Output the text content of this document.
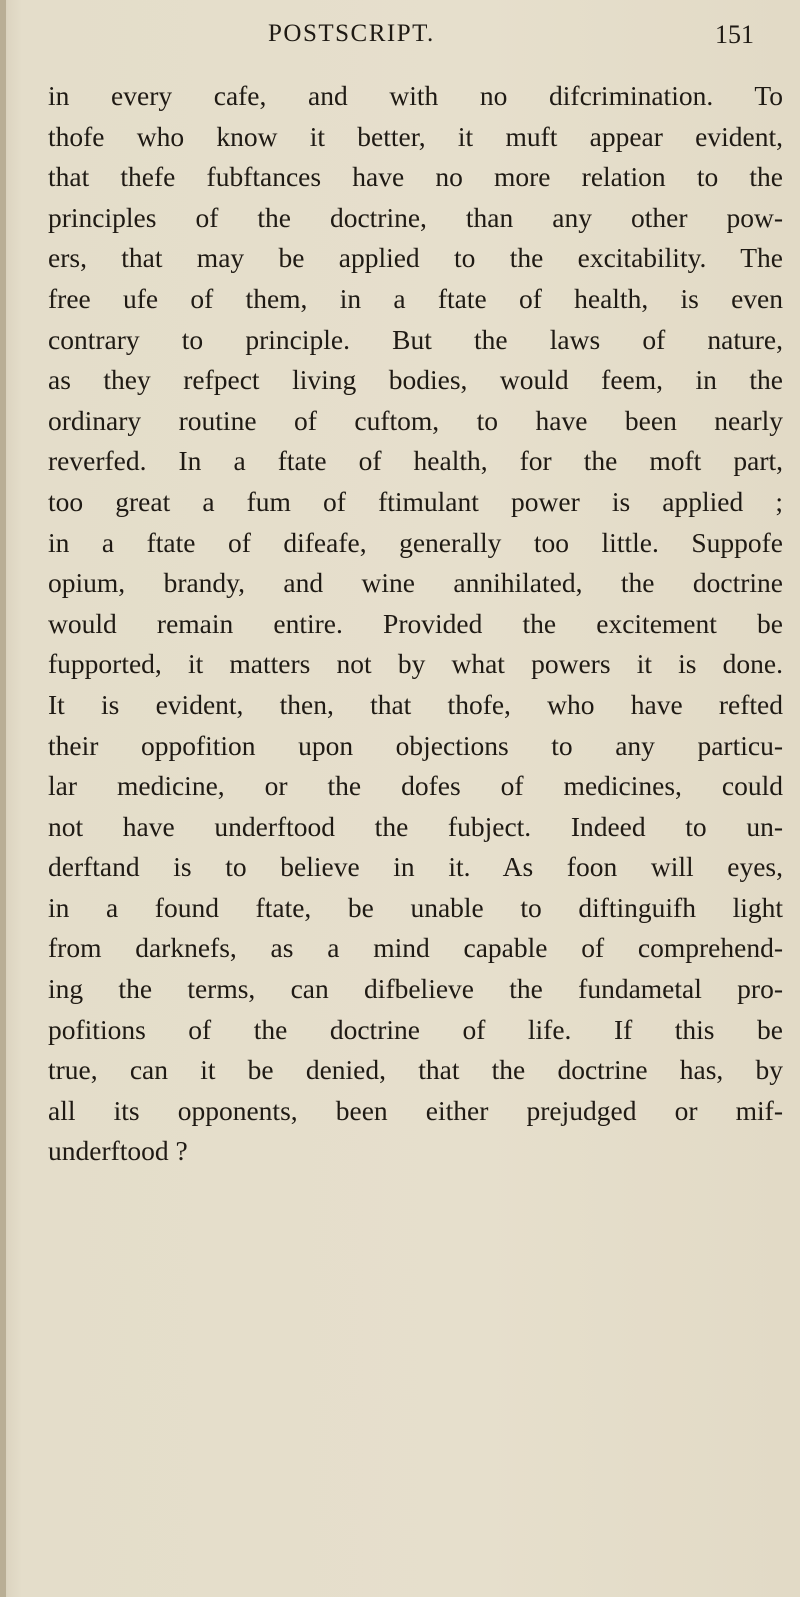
POSTSCRIPT.	151
in every cafe, and with no difcrimination. To
thofe who know it better, it muft appear evident,
that thefe fubftances have no more relation to the
principles of the doctrine, than any other pow-
ers, that may be applied to the excitability. The
free ufe of them, in a ftate of health, is even
contrary to principle. But the laws of nature,
as they refpect living bodies, would feem, in the
ordinary routine of cuftom, to have been nearly
reverfed. In a ftate of health, for the moft part,
too great a fum of ftimulant power is applied ;
in a ftate of difeafe, generally too little. Suppofe
opium, brandy, and wine annihilated, the doctrine
would remain entire. Provided the excitement be
fupported, it matters not by what powers it is done.
It is evident, then, that thofe, who have refted
their oppofition upon objections to any particu-
lar medicine, or the dofes of medicines, could
not have underftood the fubject. Indeed to un-
derftand is to believe in it. As foon will eyes,
in a found ftate, be unable to diftinguifh light
from darknefs, as a mind capable of comprehend-
ing the terms, can difbelieve the fundametal pro-
pofitions of the doctrine of life. If this be
true, can it be denied, that the doctrine has, by
all its opponents, been either prejudged or mif-
underftood ?
